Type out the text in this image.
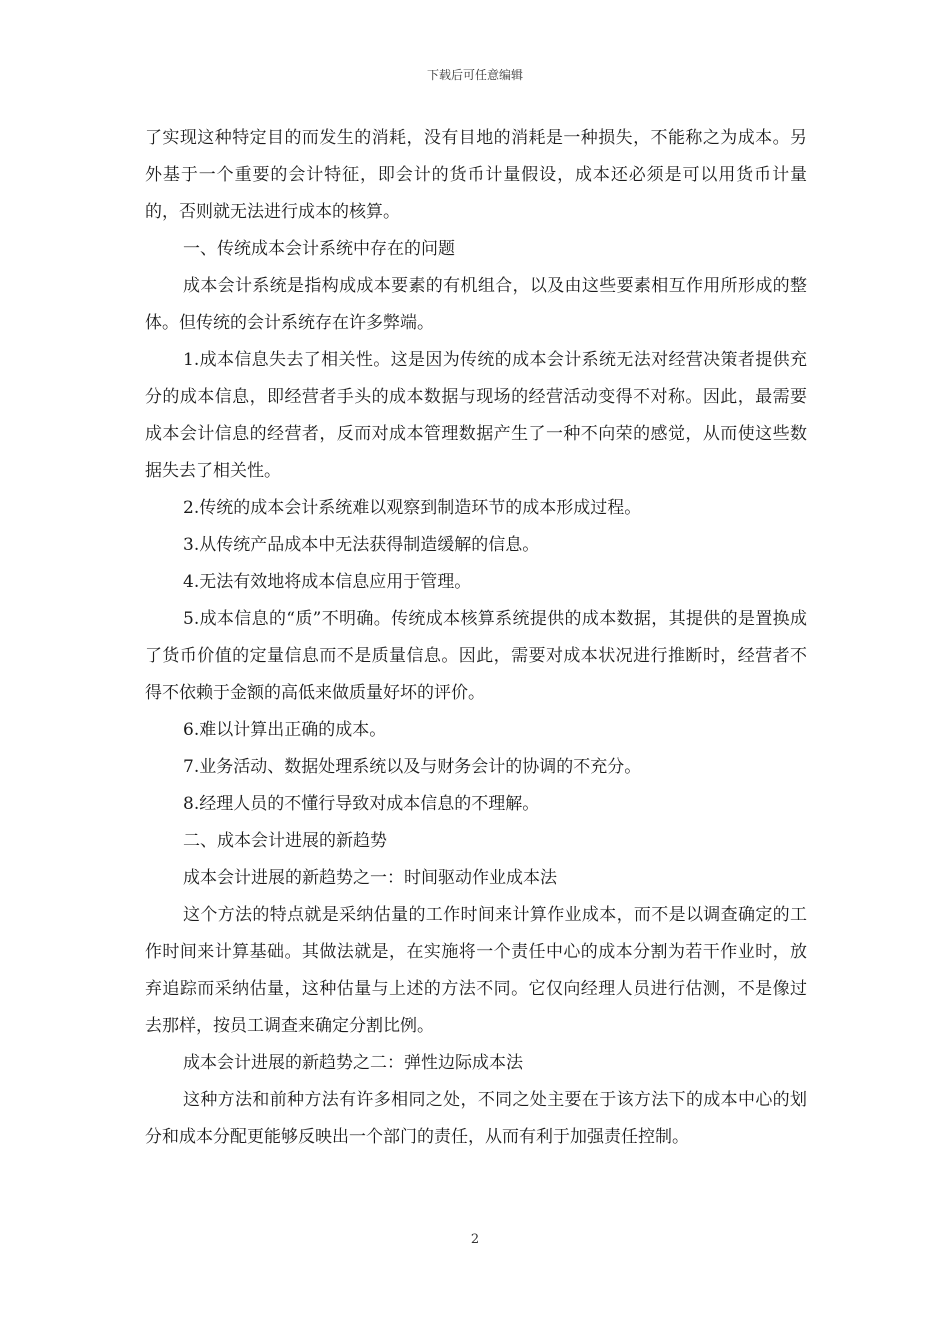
下载后可任意编辑

了实现这种特定目的而发生的消耗，没有目地的消耗是一种损失，不能称之为成本。另外基于一个重要的会计特征，即会计的货币计量假设，成本还必须是可以用货币计量的，否则就无法进行成本的核算。

一、传统成本会计系统中存在的问题

成本会计系统是指构成成本要素的有机组合，以及由这些要素相互作用所形成的整体。但传统的会计系统存在许多弊端。

1.成本信息失去了相关性。这是因为传统的成本会计系统无法对经营决策者提供充分的成本信息，即经营者手头的成本数据与现场的经营活动变得不对称。因此，最需要成本会计信息的经营者，反而对成本管理数据产生了一种不向荣的感觉，从而使这些数据失去了相关性。

2.传统的成本会计系统难以观察到制造环节的成本形成过程。

3.从传统产品成本中无法获得制造缓解的信息。

4.无法有效地将成本信息应用于管理。

5.成本信息的“质”不明确。传统成本核算系统提供的成本数据，其提供的是置换成了货币价值的定量信息而不是质量信息。因此，需要对成本状况进行推断时，经营者不得不依赖于金额的高低来做质量好坏的评价。

6.难以计算出正确的成本。

7.业务活动、数据处理系统以及与财务会计的协调的不充分。

8.经理人员的不懂行导致对成本信息的不理解。

二、成本会计进展的新趋势

成本会计进展的新趋势之一：时间驱动作业成本法

这个方法的特点就是采纳估量的工作时间来计算作业成本，而不是以调查确定的工作时间来计算基础。其做法就是，在实施将一个责任中心的成本分割为若干作业时，放弃追踪而采纳估量，这种估量与上述的方法不同。它仅向经理人员进行估测，不是像过去那样，按员工调查来确定分割比例。

成本会计进展的新趋势之二：弹性边际成本法

这种方法和前种方法有许多相同之处，不同之处主要在于该方法下的成本中心的划分和成本分配更能够反映出一个部门的责任，从而有利于加强责任控制。

2
